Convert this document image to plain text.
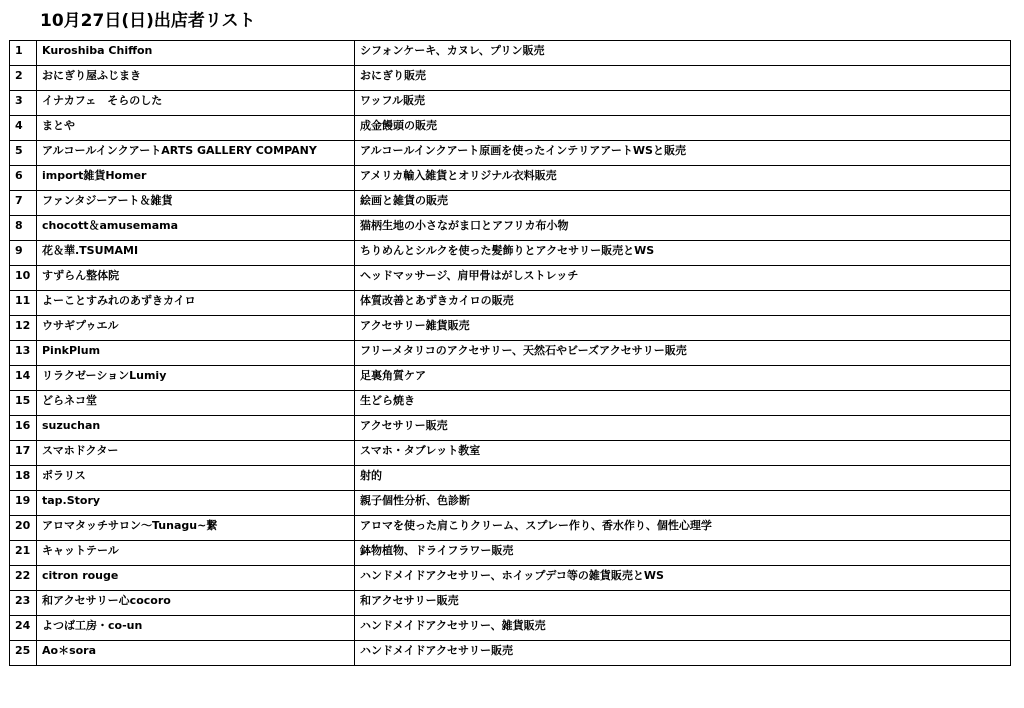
10月27日(日)出店者リスト
1	Kuroshiba Chiffon	シフォンケーキ、カヌレ、プリン販売
2	おにぎり屋ふじまき	おにぎり販売
3	イナカフェ　そらのした	ワッフル販売
4	まとや	成金饅頭の販売
5	アルコールインクアートARTS GALLERY COMPANY	アルコールインクアート原画を使ったインテリアアートWSと販売
6	import雑貨Homer	アメリカ輸入雑貨とオリジナル衣料販売
7	ファンタジーアート＆雑貨	絵画と雑貨の販売
8	chocott＆amusemama	猫柄生地の小さながま口とアフリカ布小物
9	花＆華.TSUMAMI	ちりめんとシルクを使った髪飾りとアクセサリー販売とWS
10	すずらん整体院	ヘッドマッサージ、肩甲骨はがしストレッチ
11	よーことすみれのあずきカイロ	体質改善とあずきカイロの販売
12	ウサギプゥエル	アクセサリー雑貨販売
13	PinkPlum	フリーメタリコのアクセサリー、天然石やビーズアクセサリー販売
14	リラクゼーションLumiy	足裏角質ケア
15	どらネコ堂	生どら焼き
16	suzuchan	アクセサリー販売
17	スマホドクター	スマホ・タブレット教室
18	ポラリス	射的
19	tap.Story	親子個性分析、色診断
20	アロマタッチサロン～Tunagu~繋	アロマを使った肩こりクリーム、スプレー作り、香水作り、個性心理学
21	キャットテール	鉢物植物、ドライフラワー販売
22	citron rouge	ハンドメイドアクセサリー、ホイップデコ等の雑貨販売とWS
23	和アクセサリー心cocoro	和アクセサリー販売
24	よつば工房・co-un	ハンドメイドアクセサリー、雑貨販売
25	Ao＊sora	ハンドメイドアクセサリー販売
